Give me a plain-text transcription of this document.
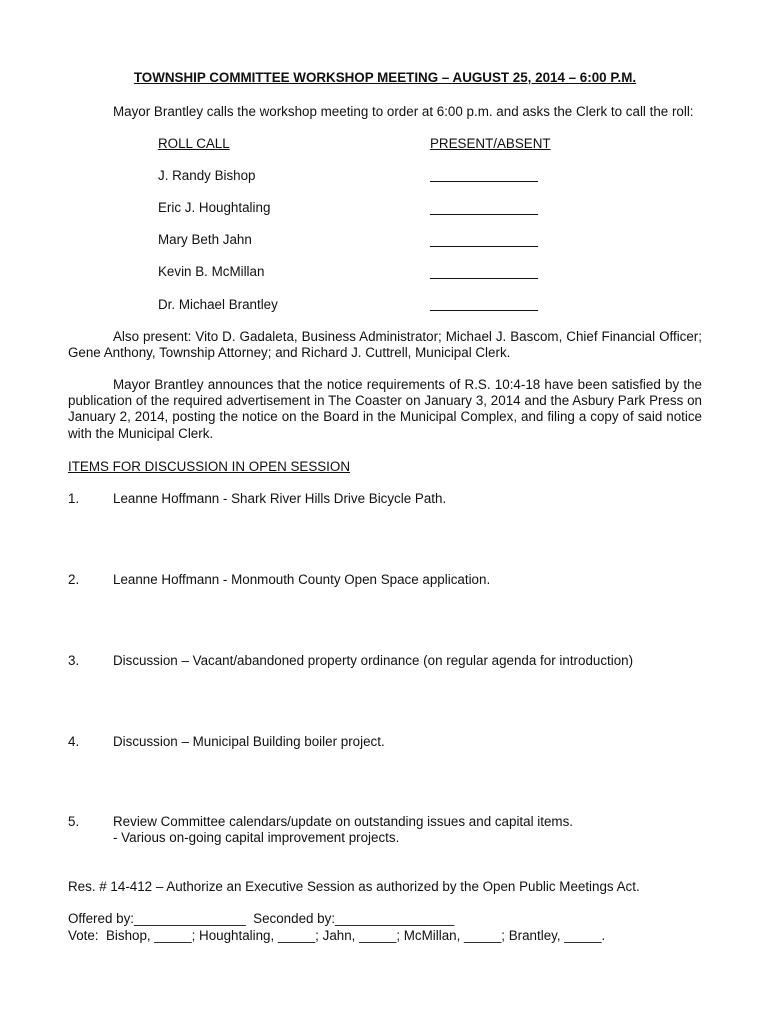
TOWNSHIP COMMITTEE WORKSHOP MEETING – AUGUST 25, 2014 – 6:00 P.M.
Mayor Brantley calls the workshop meeting to order at 6:00 p.m. and asks the Clerk to call the roll:
ROLL CALL	PRESENT/ABSENT
J. Randy Bishop
Eric J. Houghtaling
Mary Beth Jahn
Kevin B. McMillan
Dr. Michael Brantley
Also present: Vito D. Gadaleta, Business Administrator; Michael J. Bascom, Chief Financial Officer; Gene Anthony, Township Attorney; and Richard J. Cuttrell, Municipal Clerk.
Mayor Brantley announces that the notice requirements of R.S. 10:4-18 have been satisfied by the publication of the required advertisement in The Coaster on January 3, 2014 and the Asbury Park Press on January 2, 2014, posting the notice on the Board in the Municipal Complex, and filing a copy of said notice with the Municipal Clerk.
ITEMS FOR DISCUSSION IN OPEN SESSION
1.	Leanne Hoffmann - Shark River Hills Drive Bicycle Path.
2.	Leanne Hoffmann - Monmouth County Open Space application.
3.	Discussion – Vacant/abandoned property ordinance (on regular agenda for introduction)
4.	Discussion – Municipal Building boiler project.
5.	Review Committee calendars/update on outstanding issues and capital items.
- Various on-going capital improvement projects.
Res. # 14-412 – Authorize an Executive Session as authorized by the Open Public Meetings Act.
Offered by:_______________  Seconded by:________________
Vote:  Bishop, _____; Houghtaling, _____; Jahn, _____; McMillan, _____; Brantley, _____.
